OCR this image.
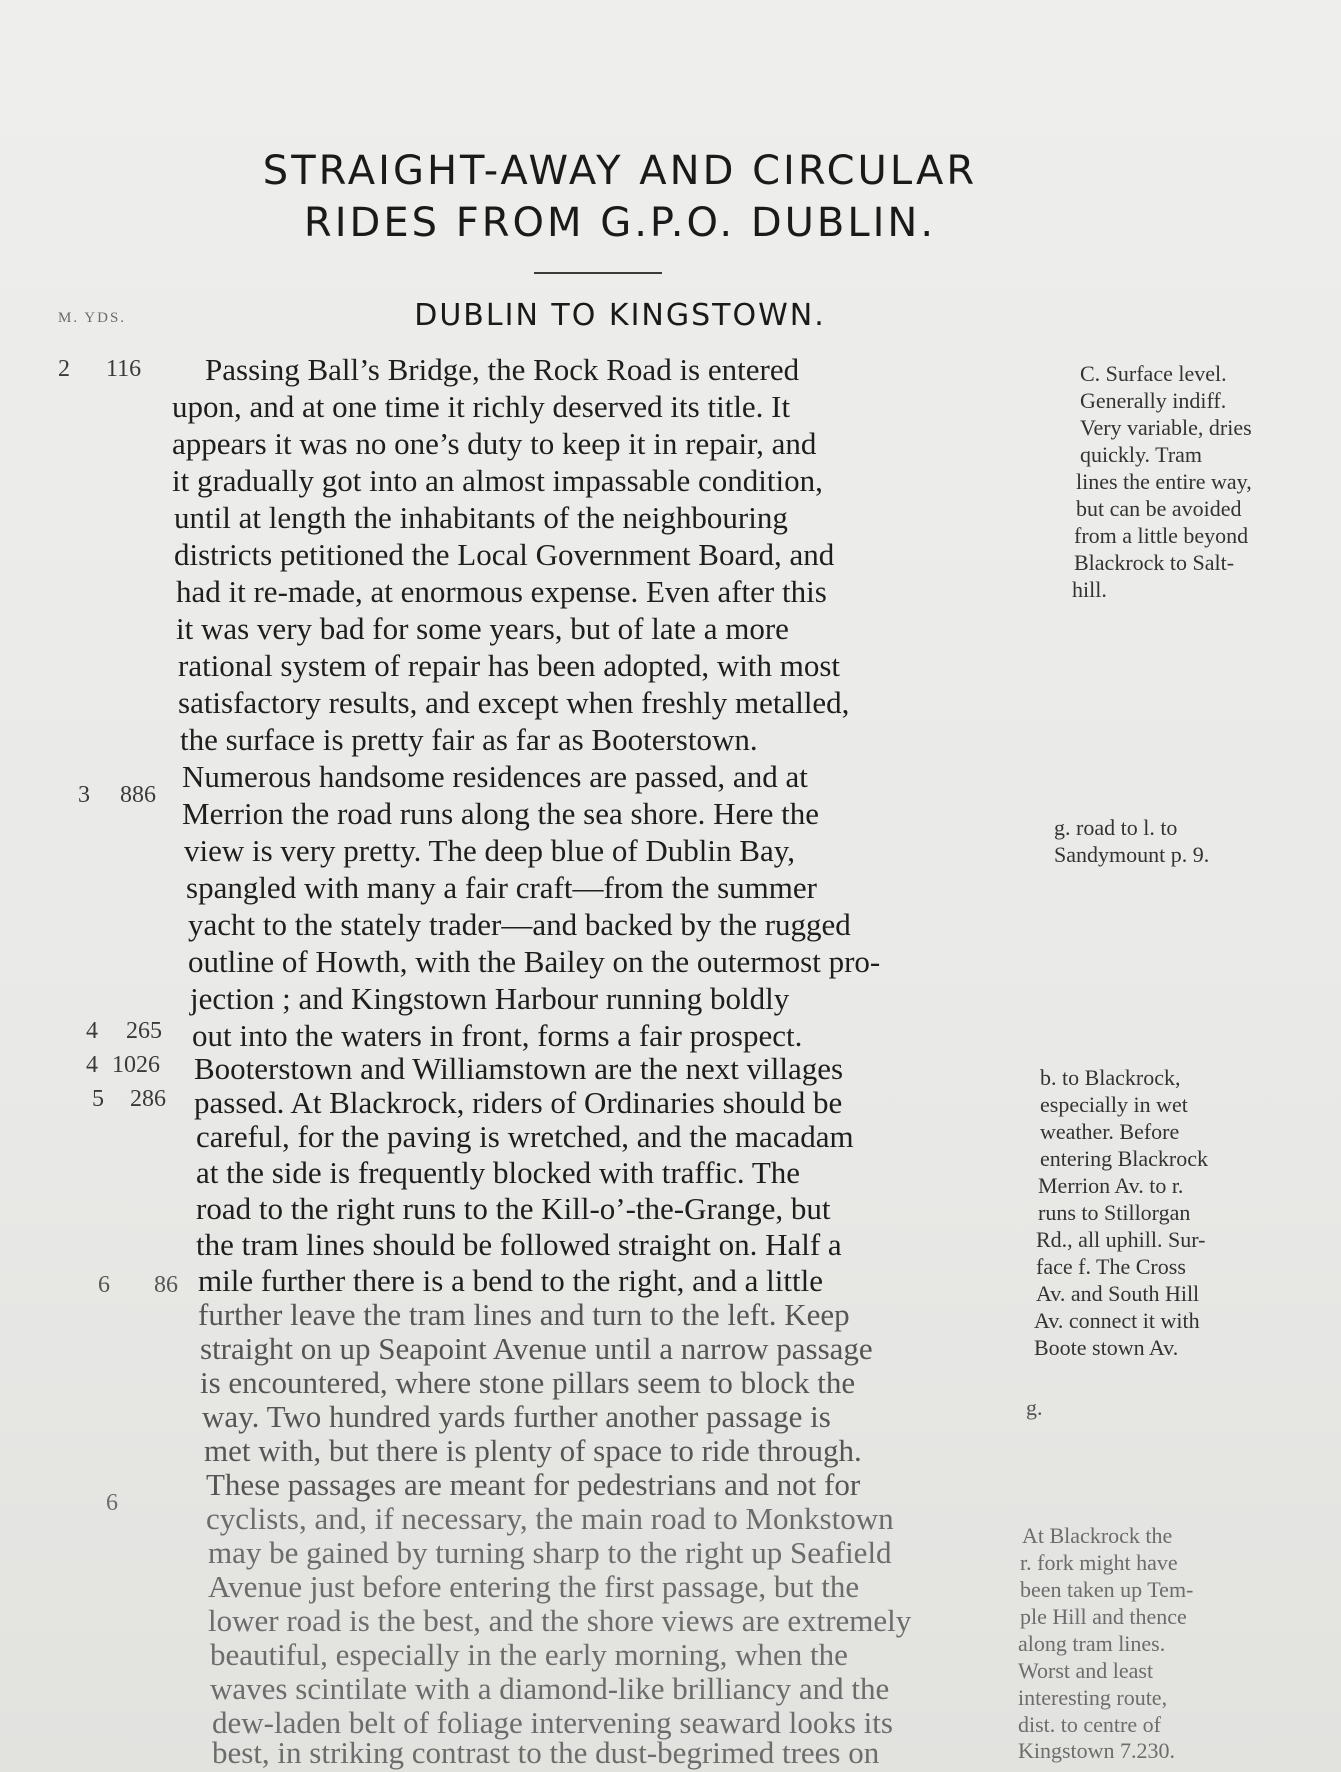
STRAIGHT-AWAY AND CIRCULAR
RIDES FROM G.P.O. DUBLIN.
M. YDS.	DUBLIN TO KINGSTOWN.
2 116
3 886
4 265
4 1026
5 286
6 86
6
Passing Ball’s Bridge, the Rock Road is entered
upon, and at one time it richly deserved its title. It
appears it was no one’s duty to keep it in repair, and
it gradually got into an almost impassable condition,
until at length the inhabitants of the neighbouring
districts petitioned the Local Government Board, and
had it re-made, at enormous expense. Even after this
it was very bad for some years, but of late a more
rational system of repair has been adopted, with most
satisfactory results, and except when freshly metalled,
the surface is pretty fair as far as Booterstown.
Numerous handsome residences are passed, and at
Merrion the road runs along the sea shore. Here the
view is very pretty. The deep blue of Dublin Bay,
spangled with many a fair craft—from the summer
yacht to the stately trader—and backed by the rugged
outline of Howth, with the Bailey on the outermost pro-
jection ; and Kingstown Harbour running boldly
out into the waters in front, forms a fair prospect.
Booterstown and Williamstown are the next villages
passed. At Blackrock, riders of Ordinaries should be
careful, for the paving is wretched, and the macadam
at the side is frequently blocked with traffic. The
road to the right runs to the Kill-o’-the-Grange, but
the tram lines should be followed straight on. Half a
mile further there is a bend to the right, and a little
further leave the tram lines and turn to the left. Keep
straight on up Seapoint Avenue until a narrow passage
is encountered, where stone pillars seem to block the
way. Two hundred yards further another passage is
met with, but there is plenty of space to ride through.
These passages are meant for pedestrians and not for
cyclists, and, if necessary, the main road to Monkstown
may be gained by turning sharp to the right up Seafield
Avenue just before entering the first passage, but the
lower road is the best, and the shore views are extremely
beautiful, especially in the early morning, when the
waves scintilate with a diamond-like brilliancy and the
dew-laden belt of foliage intervening seaward looks its
best, in striking contrast to the dust-begrimed trees on
C. Surface level.
Generally indiff.
Very variable, dries
quickly. Tram
lines the entire way,
but can be avoided
from a little beyond
Blackrock to Salt-
hill.
g. road to l. to
Sandymount p. 9.
b. to Blackrock,
especially in wet
weather. Before
entering Blackrock
Merrion Av. to r.
runs to Stillorgan
Rd., all uphill. Sur-
face f. The Cross
Av. and South Hill
Av. connect it with
Boote stown Av.
g.
At Blackrock the
r. fork might have
been taken up Tem-
ple Hill and thence
along tram lines.
Worst and least
interesting route,
dist. to centre of
Kingstown 7.230.
